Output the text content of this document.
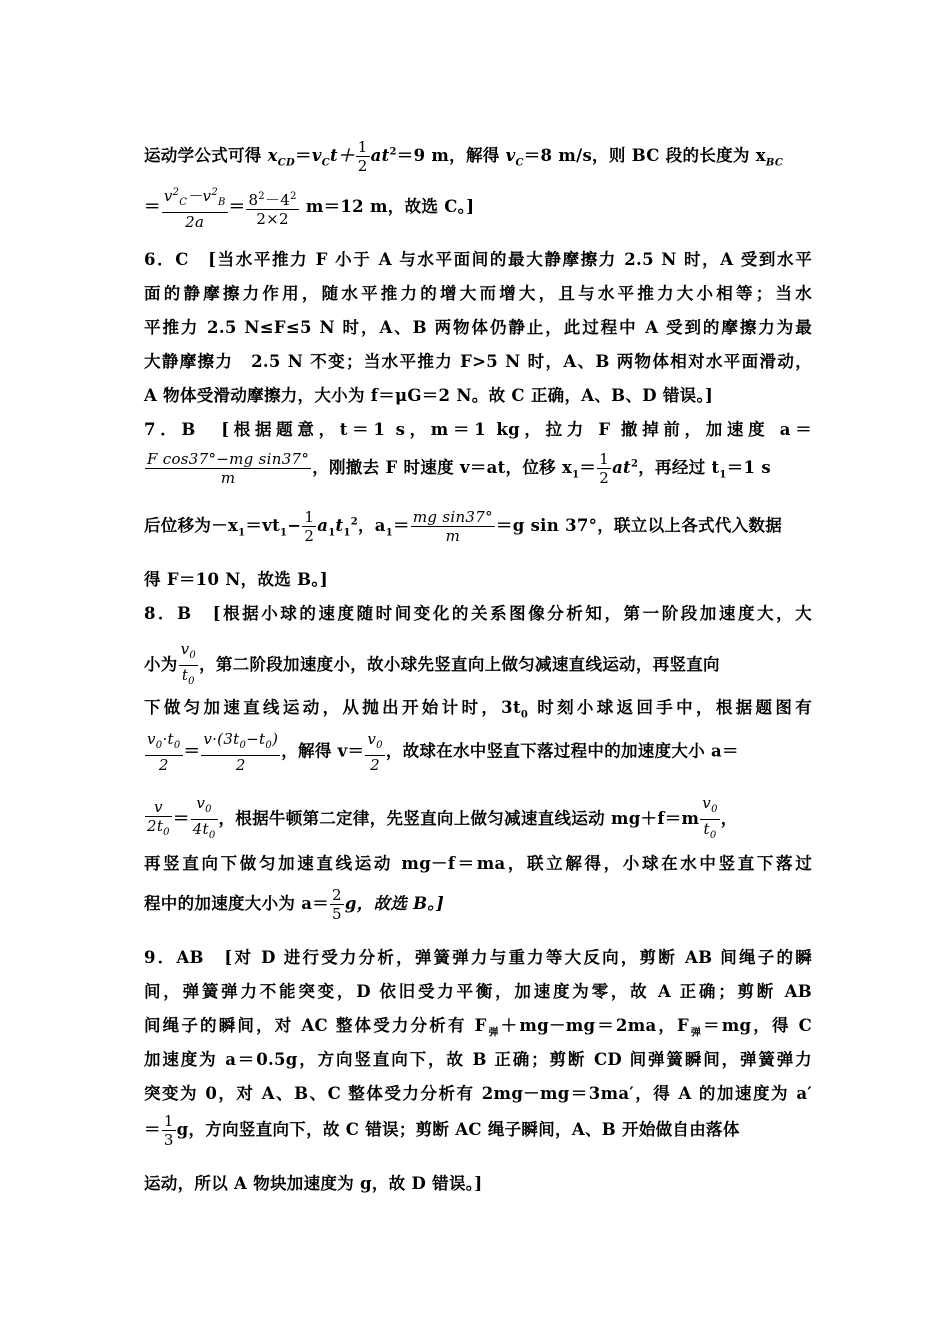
运动学公式可得 $x_{CD}=v_Ct+ \frac{1}{2} at^2=9$ m，解得 $v_C=8$ m/s，则 BC 段的长度为 $x_{BC}$
＝ $\frac{v^2_C-v^2_B}{2a} = \frac{8^2-4^2}{2\times 2} m=12$ m，故选 C。]
6．C　[当水平推力 F 小于 A 与水平面间的最大静摩擦力 2.5 N 时，A 受到水平
面的静摩擦力作用，随水平推力的增大而增大，且与水平推力大小相等；当水
平推力 2.5 N≤F≤5 N 时，A、B 两物体仍静止，此过程中 A 受到的摩擦力为最
大静摩擦力　2.5 N 不变；当水平推力 F>5 N 时，A、B 两物体相对水平面滑动，
A 物体受滑动摩擦力，大小为 f＝μG＝2 N。故 C 正确，A、B、D 错误。]
7．B　[根据题意，t＝1 s，m＝1 kg，拉力 F 撤掉前，加速度 a＝
$\frac{\text{F cos37°−mg sin37°}}{m}$ ，刚撤去 F 时速度 v＝at，位移 $x_1= \frac{1}{2} at^2$，再经过 $t_1=1$ s
后位移为$-x_1=vt_1- \frac{1}{2} a_1t_1^2$，$a_1= \frac{\text{mg sin37°}}{m} =g$ sin 37°，联立以上各式代入数据
得 F＝10 N，故选 B。]
8．B　[根据小球的速度随时间变化的关系图像分析知，第一阶段加速度大，大
小为 $\frac{v_0}{t_0}$ ，第二阶段加速度小，故小球先竖直向上做匀减速直线运动，再竖直向
下做匀加速直线运动，从抛出开始计时，$3t_0$ 时刻小球返回手中，根据题图有
$\frac{v_0\cdot t_0}{2} = \frac{v\cdot(3t_0-t_0)}{2}$ ，解得 $v= \frac{v_0}{2}$ ，故球在水中竖直下落过程中的加速度大小 a＝
$\frac{v}{2t_0} = \frac{v_0}{4t_0}$ ，根据牛顿第二定律，先竖直向上做匀减速直线运动 $mg+f=m \frac{v_0}{t_0}$ ，
再竖直向下做匀加速直线运动 mg－f＝ma，联立解得，小球在水中竖直下落过
程中的加速度大小为 $a= \frac{2}{5}$ g，故选 B。]
9．AB　[对 D 进行受力分析，弹簧弹力与重力等大反向，剪断 AB 间绳子的瞬
间，弹簧弹力不能突变，D 依旧受力平衡，加速度为零，故 A 正确；剪断 AB
间绳子的瞬间，对 AC 整体受力分析有 $F_弹+mg-mg=2ma$，$F_弹=mg$，得 C
加速度为 a＝0.5g，方向竖直向下，故 B 正确；剪断 CD 间弹簧瞬间，弹簧弹力
突变为 0，对 A、B、C 整体受力分析有 2mg－mg＝3ma′，得 A 的加速度为 a′
＝ $\frac{1}{3}$ g，方向竖直向下，故 C 错误；剪断 AC 绳子瞬间，A、B 开始做自由落体
运动，所以 A 物块加速度为 g，故 D 错误。]
